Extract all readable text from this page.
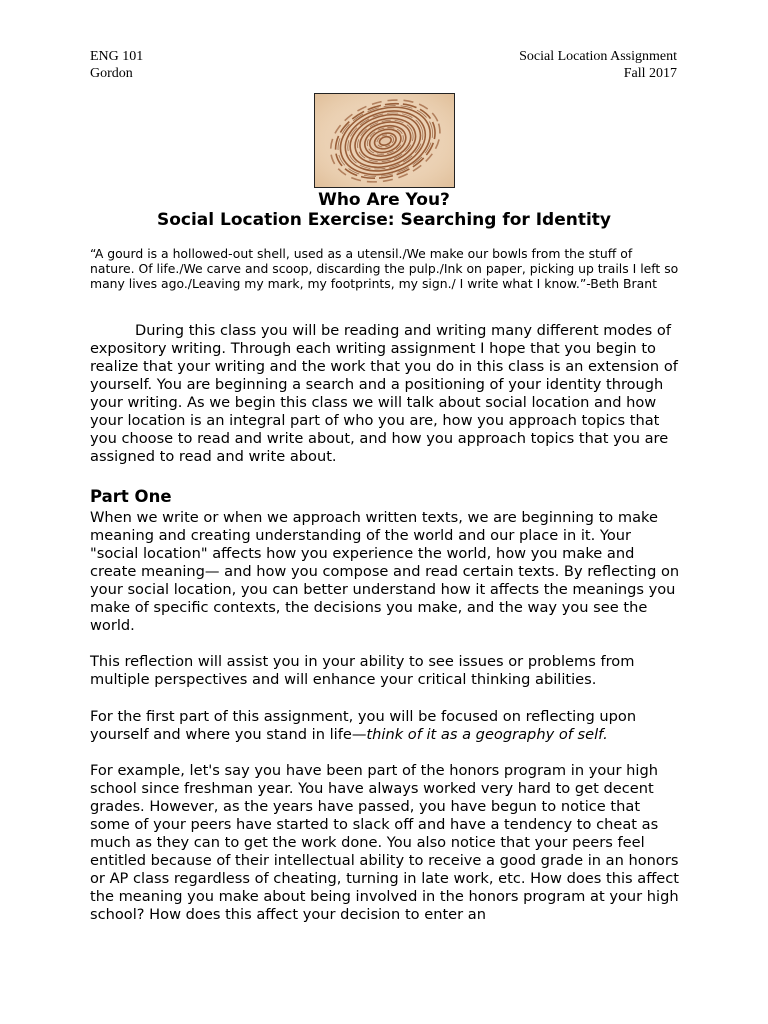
ENG 101
Gordon
Social Location Assignment
Fall 2017
Who Are You?
Social Location Exercise: Searching for Identity
“A gourd is a hollowed-out shell, used as a utensil./We make our bowls from the stuff of nature. Of life./We carve and scoop, discarding the pulp./Ink on paper, picking up trails I left so many lives ago./Leaving my mark, my footprints, my sign./ I write what I know.”-Beth Brant

During this class you will be reading and writing many different modes of expository writing. Through each writing assignment I hope that you begin to realize that your writing and the work that you do in this class is an extension of yourself. You are beginning a search and a positioning of your identity through your writing. As we begin this class we will talk about social location and how your location is an integral part of who you are, how you approach topics that you choose to read and write about, and how you approach topics that you are assigned to read and write about.

Part One

When we write or when we approach written texts, we are beginning to make meaning and creating understanding of the world and our place in it. Your "social location" affects how you experience the world, how you make and create meaning— and how you compose and read certain texts. By reflecting on your social location, you can better understand how it affects the meanings you make of specific contexts, the decisions you make, and the way you see the world.

This reflection will assist you in your ability to see issues or problems from multiple perspectives and will enhance your critical thinking abilities.

For the first part of this assignment, you will be focused on reflecting upon yourself and where you stand in life—think of it as a geography of self.

For example, let's say you have been part of the honors program in your high school since freshman year. You have always worked very hard to get decent grades. However, as the years have passed, you have begun to notice that some of your peers have started to slack off and have a tendency to cheat as much as they can to get the work done. You also notice that your peers feel entitled because of their intellectual ability to receive a good grade in an honors or AP class regardless of cheating, turning in late work, etc. How does this affect the meaning you make about being involved in the honors program at your high school? How does this affect your decision to enter an
